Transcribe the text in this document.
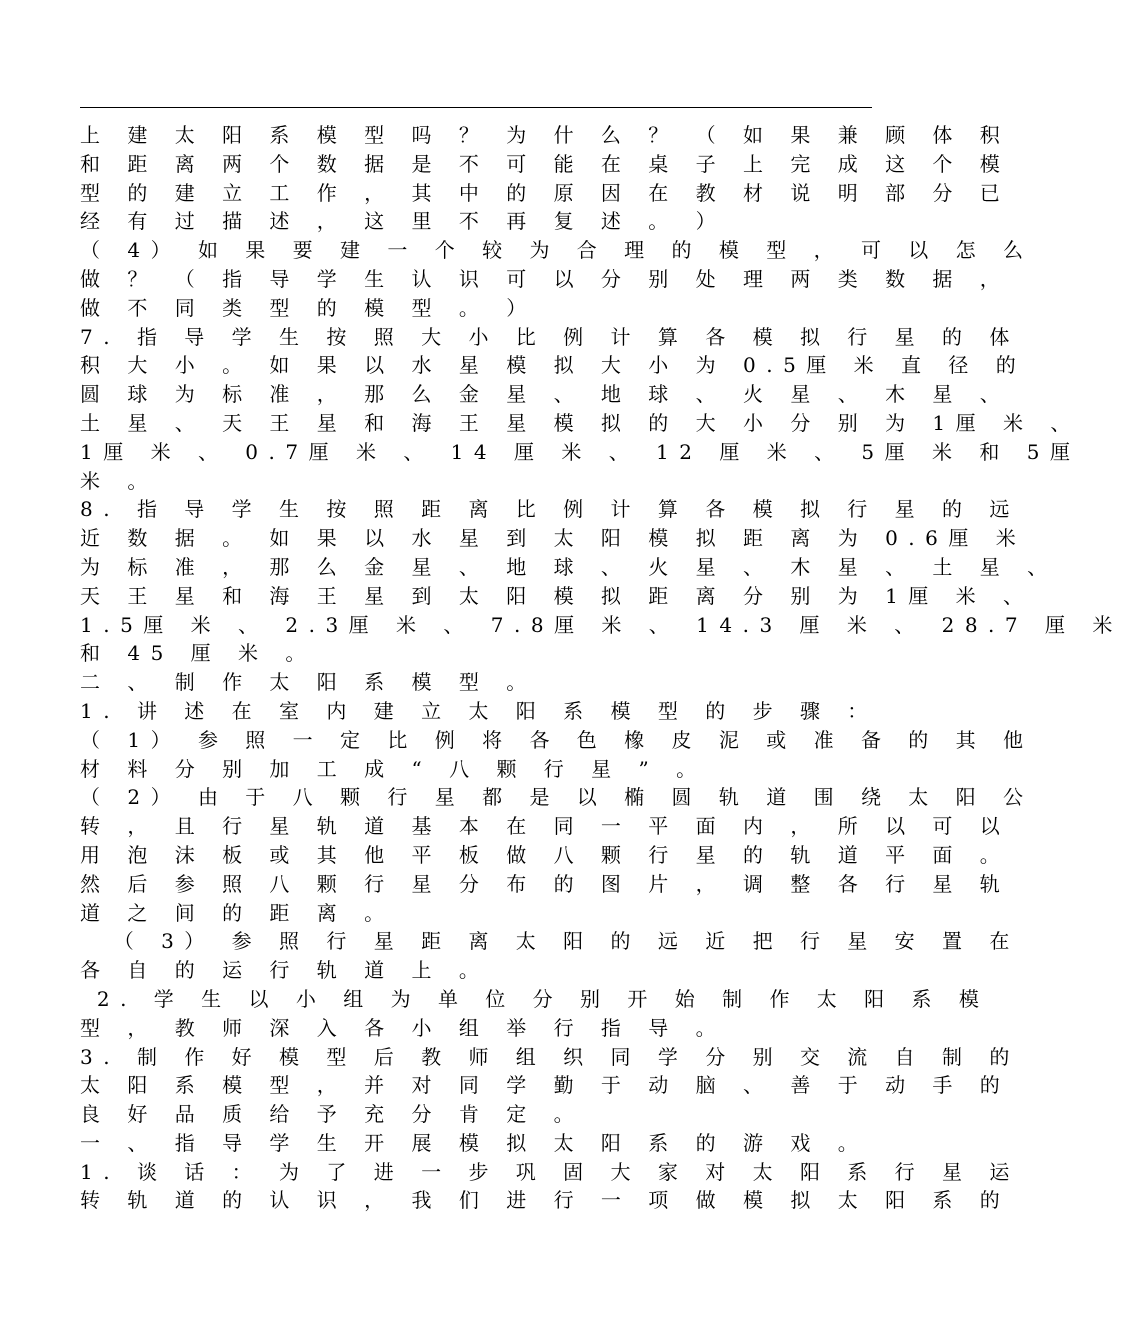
上 建 太 阳 系 模 型 吗 ？ 为 什 么 ？ （ 如 果 兼 顾 体 积
和 距 离 两 个 数 据 是 不 可 能 在 桌 子 上 完 成 这 个 模
型 的 建 立 工 作 ， 其 中 的 原 因 在 教 材 说 明 部 分 已
经 有 过 描 述 ， 这 里 不 再 复 述 。 ）
（ 4） 如 果 要 建 一 个 较 为 合 理 的 模 型 ， 可 以 怎 么
做 ？ （ 指 导 学 生 认 识 可 以 分 别 处 理 两 类 数 据 ，
做 不 同 类 型 的 模 型 。 ）
7. 指 导 学 生 按 照 大 小 比 例 计 算 各 模 拟 行 星 的 体
积 大 小 。 如 果 以 水 星 模 拟 大 小 为 0.5厘 米 直 径 的
圆 球 为 标 准 ， 那 么 金 星 、 地 球 、 火 星 、 木 星 、
土 星 、 天 王 星 和 海 王 星 模 拟 的 大 小 分 别 为 1厘 米 、
1厘 米 、 0.7厘 米 、 14 厘 米 、 12 厘 米 、 5厘 米 和 5厘
米 。
8. 指 导 学 生 按 照 距 离 比 例 计 算 各 模 拟 行 星 的 远
近 数 据 。 如 果 以 水 星 到 太 阳 模 拟 距 离 为 0.6厘 米
为 标 准 ， 那 么 金 星 、 地 球 、 火 星 、 木 星 、 土 星 、
天 王 星 和 海 王 星 到 太 阳 模 拟 距 离 分 别 为 1厘 米 、
1.5厘 米 、 2.3厘 米 、 7.8厘 米 、 14.3 厘 米 、 28.7 厘 米
和 45 厘 米 。
二 、 制 作 太 阳 系 模 型 。
1. 讲 述 在 室 内 建 立 太 阳 系 模 型 的 步 骤 ：
（ 1） 参 照 一 定 比 例 将 各 色 橡 皮 泥 或 准 备 的 其 他
材 料 分 别 加 工 成 “ 八 颗 行 星 ” 。
（ 2） 由 于 八 颗 行 星 都 是 以 椭 圆 轨 道 围 绕 太 阳 公
转 ， 且 行 星 轨 道 基 本 在 同 一 平 面 内 ， 所 以 可 以
用 泡 沫 板 或 其 他 平 板 做 八 颗 行 星 的 轨 道 平 面 。
然 后 参 照 八 颗 行 星 分 布 的 图 片 ， 调 整 各 行 星 轨
道 之 间 的 距 离 。
（ 3） 参 照 行 星 距 离 太 阳 的 远 近 把 行 星 安 置 在
各 自 的 运 行 轨 道 上 。
2. 学 生 以 小 组 为 单 位 分 别 开 始 制 作 太 阳 系 模
型 ， 教 师 深 入 各 小 组 举 行 指 导 。
3. 制 作 好 模 型 后 教 师 组 织 同 学 分 别 交 流 自 制 的
太 阳 系 模 型 ， 并 对 同 学 勤 于 动 脑 、 善 于 动 手 的
良 好 品 质 给 予 充 分 肯 定 。
一 、 指 导 学 生 开 展 模 拟 太 阳 系 的 游 戏 。
1. 谈 话 ： 为 了 进 一 步 巩 固 大 家 对 太 阳 系 行 星 运
转 轨 道 的 认 识 ， 我 们 进 行 一 项 做 模 拟 太 阳 系 的
